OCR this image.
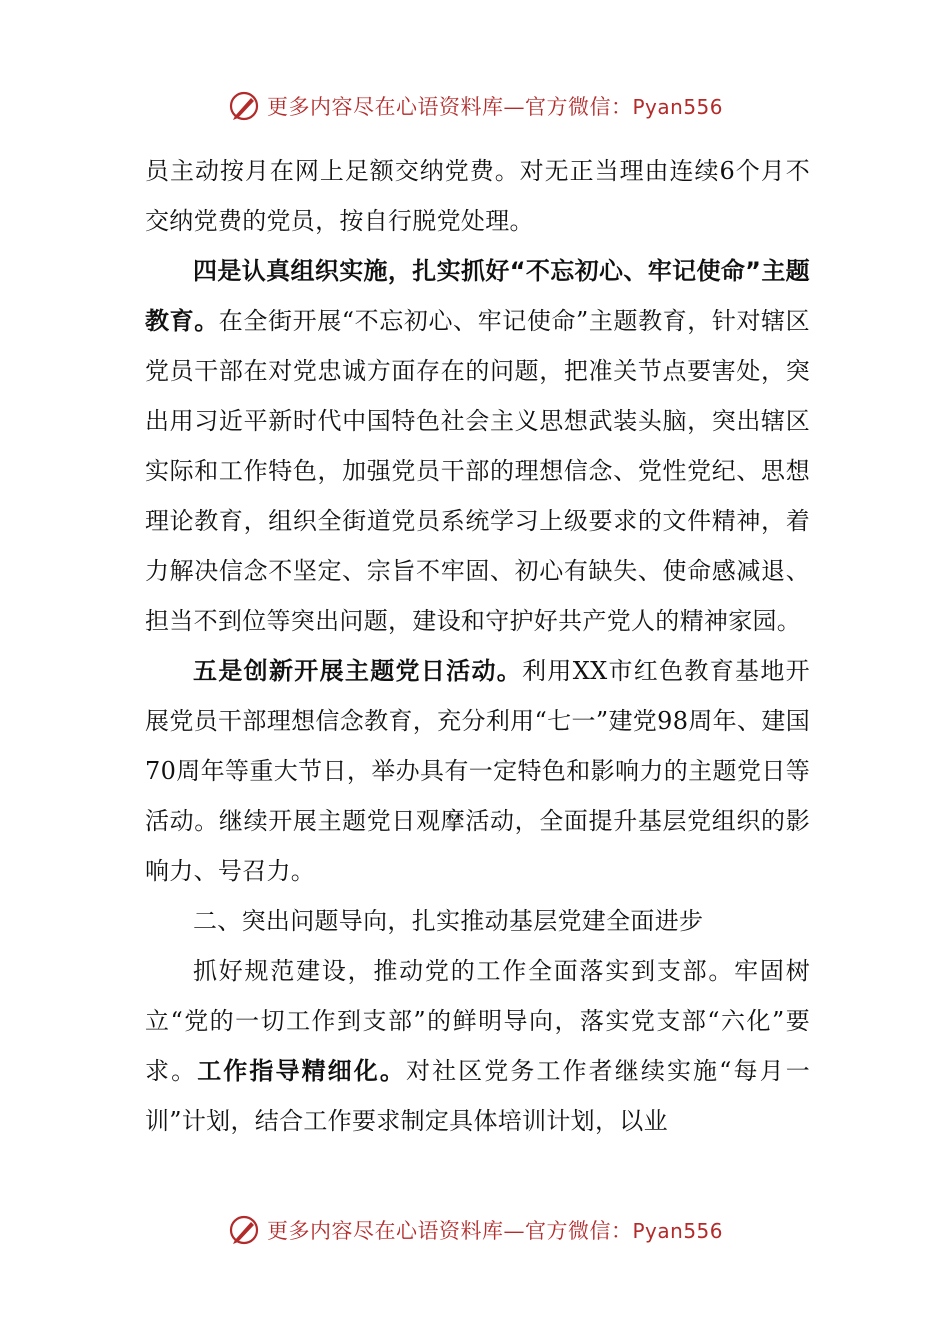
更多内容尽在心语资料库—官方微信：Pyan556

员主动按月在网上足额交纳党费。对无正当理由连续6个月不交纳党费的党员，按自行脱党处理。

四是认真组织实施，扎实抓好“不忘初心、牢记使命”主题教育。在全街开展“不忘初心、牢记使命”主题教育，针对辖区党员干部在对党忠诚方面存在的问题，把准关节点要害处，突出用习近平新时代中国特色社会主义思想武装头脑，突出辖区实际和工作特色，加强党员干部的理想信念、党性党纪、思想理论教育，组织全街道党员系统学习上级要求的文件精神，着力解决信念不坚定、宗旨不牢固、初心有缺失、使命感减退、担当不到位等突出问题，建设和守护好共产党人的精神家园。

五是创新开展主题党日活动。利用XX市红色教育基地开展党员干部理想信念教育，充分利用“七一”建党98周年、建国70周年等重大节日，举办具有一定特色和影响力的主题党日等活动。继续开展主题党日观摩活动，全面提升基层党组织的影响力、号召力。

二、突出问题导向，扎实推动基层党建全面进步

抓好规范建设，推动党的工作全面落实到支部。牢固树立“党的一切工作到支部”的鲜明导向，落实党支部“六化”要求。工作指导精细化。对社区党务工作者继续实施“每月一训”计划，结合工作要求制定具体培训计划，以业

更多内容尽在心语资料库—官方微信：Pyan556
